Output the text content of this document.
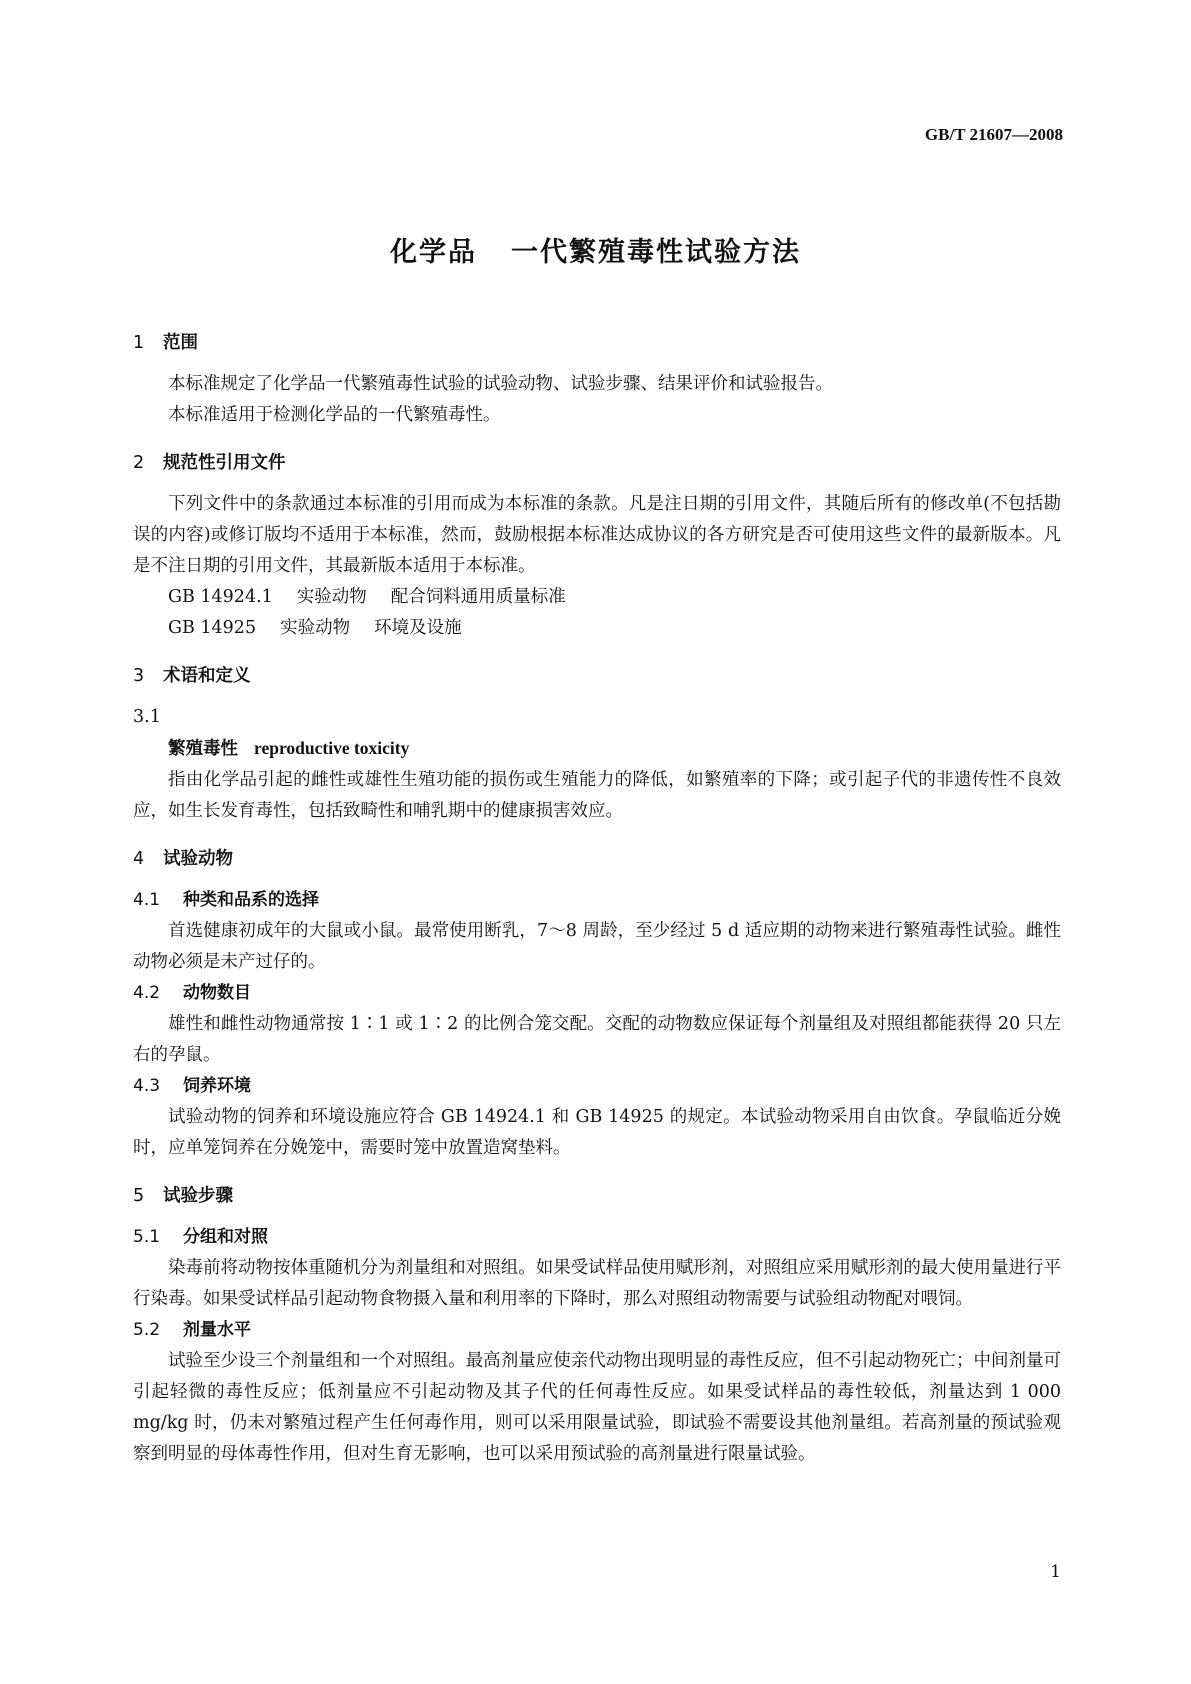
GB/T 21607—2008
化学品 一代繁殖毒性试验方法
1 范围

本标准规定了化学品一代繁殖毒性试验的试验动物、试验步骤、结果评价和试验报告。

本标准适用于检测化学品的一代繁殖毒性。

2 规范性引用文件

下列文件中的条款通过本标准的引用而成为本标准的条款。凡是注日期的引用文件，其随后所有的修改单(不包括勘误的内容)或修订版均不适用于本标准，然而，鼓励根据本标准达成协议的各方研究是否可使用这些文件的最新版本。凡是不注日期的引用文件，其最新版本适用于本标准。

GB 14924.1 实验动物 配合饲料通用质量标准
GB 14925 实验动物 环境及设施
3 术语和定义
3.1
繁殖毒性 reproductive toxicity

指由化学品引起的雌性或雄性生殖功能的损伤或生殖能力的降低，如繁殖率的下降；或引起子代的非遗传性不良效应，如生长发育毒性，包括致畸性和哺乳期中的健康损害效应。

4 试验动物
4.1 种类和品系的选择

首选健康初成年的大鼠或小鼠。最常使用断乳，7～8 周龄，至少经过 5 d 适应期的动物来进行繁殖毒性试验。雌性动物必须是未产过仔的。

4.2 动物数目

雄性和雌性动物通常按 1∶1 或 1∶2 的比例合笼交配。交配的动物数应保证每个剂量组及对照组都能获得 20 只左右的孕鼠。

4.3 饲养环境

试验动物的饲养和环境设施应符合 GB 14924.1 和 GB 14925 的规定。本试验动物采用自由饮食。孕鼠临近分娩时，应单笼饲养在分娩笼中，需要时笼中放置造窝垫料。

5 试验步骤
5.1 分组和对照

染毒前将动物按体重随机分为剂量组和对照组。如果受试样品使用赋形剂，对照组应采用赋形剂的最大使用量进行平行染毒。如果受试样品引起动物食物摄入量和利用率的下降时，那么对照组动物需要与试验组动物配对喂饲。

5.2 剂量水平

试验至少设三个剂量组和一个对照组。最高剂量应使亲代动物出现明显的毒性反应，但不引起动物死亡；中间剂量可引起轻微的毒性反应；低剂量应不引起动物及其子代的任何毒性反应。如果受试样品的毒性较低，剂量达到 1 000 mg/kg 时，仍未对繁殖过程产生任何毒作用，则可以采用限量试验，即试验不需要设其他剂量组。若高剂量的预试验观察到明显的母体毒性作用，但对生育无影响，也可以采用预试验的高剂量进行限量试验。

1
